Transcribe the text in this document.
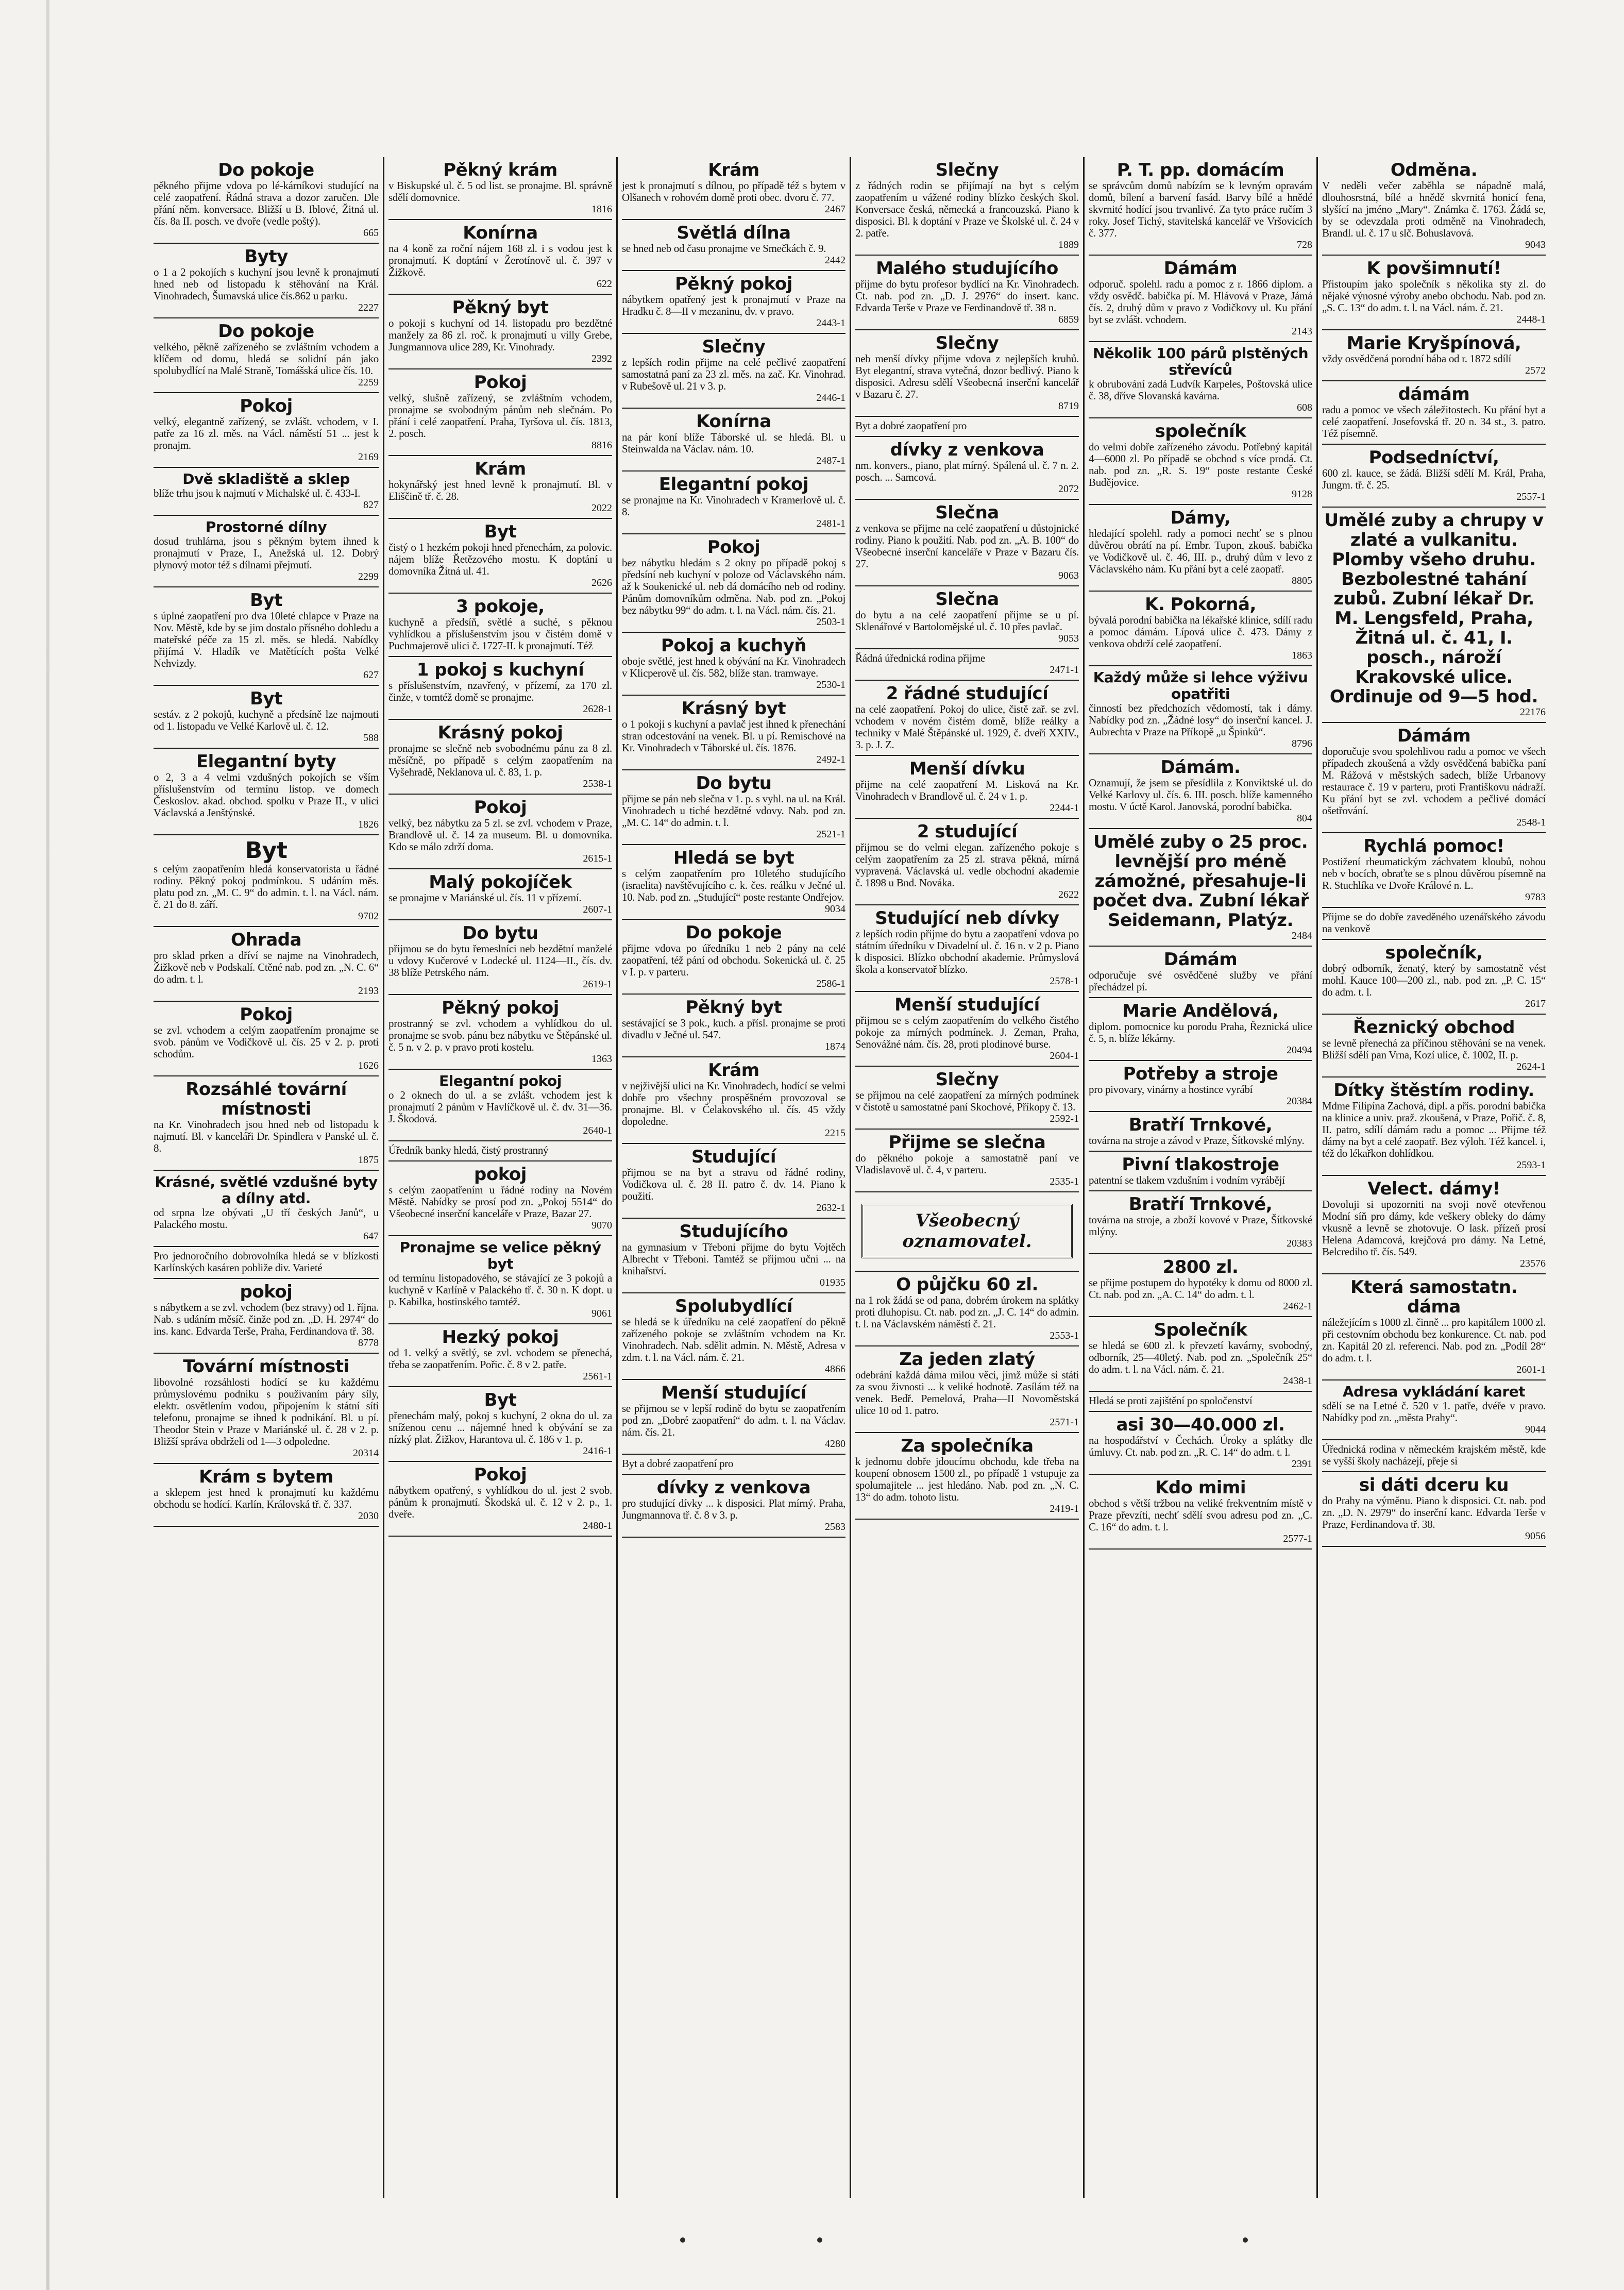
Do pokoje

pěkného přijme vdova po lé-kárníkovi studující na celé zaopatření. Řádná strava a dozor zaručen. Dle přání něm. konversace. Bližší u B. Iblové, Žitná ul. čís. 8a II. posch. ve dvoře (vedle poštý).

665
Byty

o 1 a 2 pokojích s kuchyní jsou levně k pronajmutí hned neb od listopadu k stěhování na Král. Vinohradech, Šumavská ulice čís.862 u parku.

2227
Do pokoje

velkého, pěkně zařízeného se zvláštním vchodem a klíčem od domu, hledá se solidní pán jako spolubydlící na Malé Straně, Tomášská ulice čís. 10.

2259
Pokoj

velký, elegantně zařízený, se zvlášt. vchodem, v I. patře za 16 zl. měs. na Václ. náměstí 51 ... jest k pronajm.

2169
Dvě skladiště a sklep

blíže trhu jsou k najmutí v Michalské ul. č. 433-I.

827
Prostorné dílny

dosud truhlárna, jsou s pěkným bytem ihned k pronajmutí v Praze, I., Anežská ul. 12. Dobrý plynový motor též s dílnami přejmutí.

2299
Byt

s úplné zaopatření pro dva 10leté chlapce v Praze na Nov. Městě, kde by se jim dostalo přísného dohledu a mateřské péče za 15 zl. měs. se hledá. Nabídky přijímá V. Hladík ve Matětících pošta Velké Nehvizdy.

627
Byt

sestáv. z 2 pokojů, kuchyně a předsíně lze najmouti od 1. listopadu ve Velké Karlově ul. č. 12.

588
Elegantní byty

o 2, 3 a 4 velmi vzdušných pokojích se vším příslušenstvím od termínu listop. ve domech Českoslov. akad. obchod. spolku v Praze II., v ulici Václavská a Jenštýnské.

1826
Byt

s celým zaopatřením hledá konservatorista u řádné rodiny. Pěkný pokoj podmínkou. S udáním měs. platu pod zn. „M. C. 9“ do admin. t. l. na Václ. nám. č. 21 do 8. září.

9702
Ohrada

pro sklad prken a dříví se najme na Vinohradech, Žižkově neb v Podskalí. Ctěné nab. pod zn. „N. C. 6“ do adm. t. l.

2193
Pokoj

se zvl. vchodem a celým zaopatřením pronajme se svob. pánům ve Vodičkově ul. čís. 25 v 2. p. proti schodům.

1626
Rozsáhlé tovární místnosti

na Kr. Vinohradech jsou hned neb od listopadu k najmutí. Bl. v kanceláři Dr. Spindlera v Panské ul. č. 8.

1875
Krásné, světlé vzdušné byty a dílny atd.

od srpna lze obývati „U tří českých Janů“, u Palackého mostu.

647

Pro jednoročního dobrovolníka hledá se v blízkosti Karlínských kasáren pobliže div. Varieté

pokoj

s nábytkem a se zvl. vchodem (bez stravy) od 1. října. Nab. s udáním měsíč. činže pod zn. „D. H. 2974“ do ins. kanc. Edvarda Terše, Praha, Ferdinandova tř. 38.

8778
Tovární místnosti

libovolné rozsáhlosti hodící se ku každému průmyslovému podniku s použivaním páry síly, elektr. osvětlením vodou, připojením k státní síti telefonu, pronajme se ihned k podnikání. Bl. u pí. Theodor Stein v Praze v Mariánské ul. č. 28 v 2. p. Bližší správa obdrželi od 1—3 odpoledne.

20314
Krám s bytem

a sklepem jest hned k pronajmutí ku každému obchodu se hodící. Karlín, Královská tř. č. 337.

2030
Pěkný krám

v Biskupské ul. č. 5 od list. se pronajme. Bl. správně sdělí domovnice.

1816
Konírna

na 4 koně za roční nájem 168 zl. i s vodou jest k pronajmutí. K doptání v Žerotínově ul. č. 397 v Žižkově.

622
Pěkný byt

o pokoji s kuchyní od 14. listopadu pro bezdětné manžely za 86 zl. roč. k pronajmutí u villy Grebe, Jungmannova ulice 289, Kr. Vinohrady.

2392
Pokoj

velký, slušně zařízený, se zvláštním vchodem, pronajme se svobodným pánům neb slečnám. Po přání i celé zaopatření. Praha, Tyršova ul. čís. 1813, 2. posch.

8816
Krám

hokynářský jest hned levně k pronajmutí. Bl. v Eliščině tř. č. 28.

2022
Byt

čistý o 1 hezkém pokoji hned přenechám, za polovic. nájem blíže Řetězového mostu. K doptání u domovníka Žitná ul. 41.

2626
3 pokoje,

kuchyně a předsíň, světlé a suché, s pěknou vyhlídkou a příslušenstvím jsou v čistém domě v Puchmajerově ulici č. 1727-II. k pronajmutí. Též

1 pokoj s kuchyní

s příslušenstvím, nzavřený, v přízemí, za 170 zl. činže, v tomtéž domě se pronajme.

2628-1
Krásný pokoj

pronajme se slečně neb svobodnému pánu za 8 zl. měsíčně, po případě s celým zaopatřením na Vyšehradě, Neklanova ul. č. 83, 1. p.

2538-1
Pokoj

velký, bez nábytku za 5 zl. se zvl. vchodem v Praze, Brandlově ul. č. 14 za museum. Bl. u domovníka. Kdo se málo zdrží doma.

2615-1
Malý pokojíček

se pronajme v Mariánské ul. čís. 11 v přízemí.

2607-1
Do bytu

přijmou se do bytu řemeslníci neb bezdětní manželé u vdovy Kučerové v Lodecké ul. 1124—II., čís. dv. 38 blíže Petrského nám.

2619-1
Pěkný pokoj

prostranný se zvl. vchodem a vyhlídkou do ul. pronajme se svob. pánu bez nábytku ve Štěpánské ul. č. 5 n. v 2. p. v pravo proti kostelu.

1363
Elegantní pokoj

o 2 oknech do ul. a se zvlášt. vchodem jest k pronajmutí 2 pánům v Havlíčkově ul. č. dv. 31—36. J. Škodová.

2640-1

Úředník banky hledá, čistý prostranný

pokoj

s celým zaopatřením u řádné rodiny na Novém Městě. Nabídky se prosí pod zn. „Pokoj 5514“ do Všeobecné inserční kanceláře v Praze, Bazar 27.

9070
Pronajme se velice pěkný byt

od termínu listopadového, se stávající ze 3 pokojů a kuchyně v Karlíně v Palackého tř. č. 30 n. K dopt. u p. Kabilka, hostinského tamtéž.

9061
Hezký pokoj

od 1. velký a světlý, se zvl. vchodem se přenechá, třeba se zaopatřením. Pořic. č. 8 v 2. patře.

2561-1
Byt

přenechám malý, pokoj s kuchyní, 2 okna do ul. za sníženou cenu ... nájemné hned k obývání se za nízký plat. Žižkov, Harantova ul. č. 186 v 1. p.

2416-1
Pokoj

nábytkem opatřený, s vyhlídkou do ul. jest 2 svob. pánům k pronajmutí. Škodská ul. č. 12 v 2. p., 1. dveře.

2480-1
Krám

jest k pronajmutí s dílnou, po případě též s bytem v Olšanech v rohovém domě proti obec. dvoru č. 77.

2467
Světlá dílna

se hned neb od času pronajme ve Smečkách č. 9.

2442
Pěkný pokoj

nábytkem opatřený jest k pronajmutí v Praze na Hradku č. 8—II v mezaninu, dv. v pravo.

2443-1
Slečny

z lepších rodin přijme na celé pečlivé zaopatření samostatná paní za 23 zl. měs. na zač. Kr. Vinohrad. v Rubešově ul. 21 v 3. p.

2446-1
Konírna

na pár koní blíže Táborské ul. se hledá. Bl. u Steinwalda na Václav. nám. 10.

2487-1
Elegantní pokoj

se pronajme na Kr. Vinohradech v Kramerlově ul. č. 8.

2481-1
Pokoj

bez nábytku hledám s 2 okny po případě pokoj s předsíní neb kuchyní v poloze od Václavského nám. až k Soukenické ul. neb dá domácího neb od rodiny. Pánům domovníkům odměna. Nab. pod zn. „Pokoj bez nábytku 99“ do adm. t. l. na Václ. nám. čís. 21.

2503-1
Pokoj a kuchyň

oboje světlé, jest hned k obývání na Kr. Vinohradech v Klicperově ul. čís. 582, blíže stan. tramwaye.

2530-1
Krásný byt

o 1 pokoji s kuchyní a pavlač jest ihned k přenechání stran odcestování na venek. Bl. u pí. Remischové na Kr. Vinohradech v Táborské ul. čís. 1876.

2492-1
Do bytu

přijme se pán neb slečna v 1. p. s vyhl. na ul. na Král. Vinohradech u tiché bezdětné vdovy. Nab. pod zn. „M. C. 14“ do admin. t. l.

2521-1
Hledá se byt

s celým zaopatřením pro 10letého studujícího (israelita) navštěvujícího c. k. čes. reálku v Ječné ul. 10. Nab. pod zn. „Studující“ poste restante Ondřejov.

9034
Do pokoje

přijme vdova po úředníku 1 neb 2 pány na celé zaopatření, též pání od obchodu. Sokenická ul. č. 25 v I. p. v parteru.

2586-1
Pěkný byt

sestávající se 3 pok., kuch. a přísl. pronajme se proti divadlu v Ječné ul. 547.

1874
Krám

v nejživější ulici na Kr. Vinohradech, hodící se velmi dobře pro všechny prospěšném provozoval se pronajme. Bl. v Čelakovského ul. čís. 45 vždy dopoledne.

2215
Studující

přijmou se na byt a stravu od řádné rodiny, Vodičkova ul. č. 28 II. patro č. dv. 14. Piano k použití.

2632-1
Studujícího

na gymnasium v Třeboni přijme do bytu Vojtěch Albrecht v Třeboni. Tamtéž se přijmou učni ... na knihařství.

01935
Spolubydlící

se hledá se k úředníku na celé zaopatření do pěkně zařízeného pokoje se zvláštním vchodem na Kr. Vinohradech. Nab. sdělit admin. N. Městě, Adresa v zdm. t. l. na Václ. nám. č. 21.

4866
Menší studující

se přijmou se v lepší rodině do bytu se zaopatřením pod zn. „Dobré zaopatření“ do adm. t. l. na Václav. nám. čís. 21.

4280

Byt a dobré zaopatření pro

dívky z venkova

pro studující dívky ... k disposici. Plat mírný. Praha, Jungmannova tř. č. 8 v 3. p.

2583
Slečny

z řádných rodin se přijímají na byt s celým zaopatřením u vážené rodiny blízko českých škol. Konversace česká, německá a francouzská. Piano k disposici. Bl. k doptání v Praze ve Školské ul. č. 24 v 2. patře.

1889
Malého studujícího

přijme do bytu profesor bydlící na Kr. Vinohradech. Ct. nab. pod zn. „D. J. 2976“ do insert. kanc. Edvarda Terše v Praze ve Ferdinandově tř. 38 n.

6859
Slečny

neb menší dívky přijme vdova z nejlepších kruhů. Byt elegantní, strava vytečná, dozor bedlivý. Piano k disposici. Adresu sdělí Všeobecná inserční kancelář v Bazaru č. 27.

8719

Byt a dobré zaopatření pro

dívky z venkova

nm. konvers., piano, plat mírný. Spálená ul. č. 7 n. 2. posch. ... Samcová.

2072
Slečna

z venkova se přijme na celé zaopatření u důstojnické rodiny. Piano k použití. Nab. pod zn. „A. B. 100“ do Všeobecné inserční kanceláře v Praze v Bazaru čís. 27.

9063
Slečna

do bytu a na celé zaopatření přijme se u pí. Sklenářové v Bartolomějské ul. č. 10 přes pavlač.

9053

Řádná úřednická rodina přijme

2471-1
2 řádné studující

na celé zaopatření. Pokoj do ulice, čistě zař. se zvl. vchodem v novém čistém domě, blíže reálky a techniky v Malé Štěpánské ul. 1929, č. dveří XXIV., 3. p. J. Z.

Menší dívku

přijme na celé zaopatření M. Lisková na Kr. Vinohradech v Brandlově ul. č. 24 v 1. p.

2244-1
2 studující

přijmou se do velmi elegan. zařízeného pokoje s celým zaopatřením za 25 zl. strava pěkná, mírná vypravená. Václavská ul. vedle obchodní akademie č. 1898 u Bnd. Nováka.

2622
Studující neb dívky

z lepších rodin přijme do bytu a zaopatření vdova po státním úředníku v Divadelní ul. č. 16 n. v 2 p. Piano k disposici. Blízko obchodní akademie. Průmyslová škola a konservatoř blízko.

2578-1
Menší studující

přijmou se s celým zaopatřením do velkého čistého pokoje za mírných podmínek. J. Zeman, Praha, Senovážné nám. čís. 28, proti plodinové burse.

2604-1
Slečny

se přijmou na celé zaopatření za mírných podmínek v čistotě u samostatné paní Skochové, Příkopy č. 13.

2592-1
Přijme se slečna

do pěkného pokoje a samostatně paní ve Vladislavově ul. č. 4, v parteru.

2535-1
Všeobecný
oznamovatel.
O půjčku 60 zl.

na 1 rok žádá se od pana, dobrém úrokem na splátky proti dluhopisu. Ct. nab. pod zn. „J. C. 14“ do admin. t. l. na Václavském náměstí č. 21.

2553-1
Za jeden zlatý

odebrání každá dáma milou věci, jimž může si státi za svou živnosti ... k veliké hodnotě. Zasílám též na venek. Bedř. Pemelová, Praha—II Novoměstská ulice 10 od 1. patro.

2571-1
Za společníka

k jednomu dobře jdoucímu obchodu, kde třeba na koupení obnosem 1500 zl., po případě 1 vstupuje za spolumajitele ... jest hledáno. Nab. pod zn. „N. C. 13“ do adm. tohoto listu.

2419-1
P. T. pp. domácím

se správcům domů nabízím se k levným opravám domů, bílení a barvení fasád. Barvy bílé a hnědé skvrnité hodící jsou trvanlivé. Za tyto práce ručím 3 roky. Josef Tichý, stavitelská kancelář ve Vršovicích č. 377.

728
Dámám

odporuč. spolehl. radu a pomoc z r. 1866 diplom. a vždy osvědč. babička pí. M. Hlávová v Praze, Jámá čís. 2, druhý dům v pravo z Vodičkovy ul. Ku přání byt se zvlášt. vchodem.

2143
Několik 100 párů plstěných střevíců

k obrubování zadá Ludvík Karpeles, Poštovská ulice č. 38, dříve Slovanská kavárna.

608
společník

do velmi dobře zařízeného závodu. Potřebný kapitál 4—6000 zl. Po případě se obchod s více prodá. Ct. nab. pod zn. „R. S. 19“ poste restante České Budějovice.

9128
Dámy,

hledající spolehl. rady a pomoci nechť se s plnou důvěrou obrátí na pí. Embr. Tupon, zkouš. babička ve Vodičkově ul. č. 46, III. p., druhý dům v levo z Václavského nám. Ku přání byt a celé zaopatř.

8805
K. Pokorná,

bývalá porodní babička na lékařské klinice, sdílí radu a pomoc dámám. Lípová ulice č. 473. Dámy z venkova obdrží celé zaopatření.

1863
Každý může si lehce výživu opatřiti

činností bez předchozích vědomostí, tak i dámy. Nabídky pod zn. „Žádné losy“ do inserční kancel. J. Aubrechta v Praze na Příkopě „u Špinků“.

8796
Dámám.

Oznamují, že jsem se přesídlila z Konviktské ul. do Velké Karlovy ul. čís. 6. III. posch. blíže kamenného mostu. V úctě Karol. Janovská, porodní babička.

804
Umělé zuby o 25 proc. levnější pro méně zámožné, přesahuje-li počet dva. Zubní lékař Seidemann, Platýz.
2484
Dámám

odporučuje své osvědčené služby ve přání přechádzel pí.

Marie Andělová,

diplom. pomocnice ku porodu Praha, Řeznická ulice č. 5, n. blíže lékárny.

20494
Potřeby a stroje

pro pivovary, vinárny a hostince vyrábí

20384
Bratří Trnkové,

továrna na stroje a závod v Praze, Šítkovské mlýny.

Pivní tlakostroje

patentní se tlakem vzdušním i vodním vyrábějí

Bratří Trnkové,

továrna na stroje, a zboží kovové v Praze, Šítkovské mlýny.

20383
2800 zl.

se přijme postupem do hypotéky k domu od 8000 zl. Ct. nab. pod zn. „A. C. 14“ do adm. t. l.

2462-1
Společník

se hledá se 600 zl. k převzetí kavárny, svobodný, odborník, 25—40letý. Nab. pod zn. „Společník 25“ do adm. t. l. na Václ. nám. č. 21.

2438-1

Hledá se proti zajištění po spoločenství

asi 30—40.000 zl.

na hospodářství v Čechách. Úroky a splátky dle úmluvy. Ct. nab. pod zn. „R. C. 14“ do adm. t. l.

2391
Kdo mimi

obchod s větší tržbou na veliké frekventním místě v Praze převzíti, nechť sdělí svou adresu pod zn. „C. C. 16“ do adm. t. l.

2577-1
Odměna.

V neděli večer zaběhla se nápadně malá, dlouhosrstná, bílé a hnědě skvrnitá honicí fena, slyšící na jméno „Mary“. Známka č. 1763. Žádá se, by se odevzdala proti odměně na Vinohradech, Brandl. ul. č. 17 u slč. Bohuslavová.

9043
K povšimnutí!

Přistoupím jako společník s několika sty zl. do nějaké výnosné výroby anebo obchodu. Nab. pod zn. „S. C. 13“ do adm. t. l. na Václ. nám. č. 21.

2448-1
Marie Kryšpínová,

vždy osvědčená porodní bába od r. 1872 sdílí

2572
dámám

radu a pomoc ve všech záležitostech. Ku přání byt a celé zaopatření. Josefovská tř. 20 n. 34 st., 3. patro. Též písemně.

Podsedníctví,

600 zl. kauce, se žádá. Bližší sdělí M. Král, Praha, Jungm. tř. č. 25.

2557-1
Umělé zuby a chrupy v zlaté a vulkanitu. Plomby všeho druhu. Bezbolestné tahání zubů. Zubní lékař Dr. M. Lengsfeld, Praha, Žitná ul. č. 41, I. posch., nároží Krakovské ulice. Ordinuje od 9—5 hod.
22176
Dámám

doporučuje svou spolehlivou radu a pomoc ve všech případech zkoušená a vždy osvědčená babička paní M. Rážová v městských sadech, blíže Urbanovy restaurace č. 19 v parteru, proti Františkovu nádraží. Ku přání byt se zvl. vchodem a pečlivé domácí ošetřování.

2548-1
Rychlá pomoc!

Postižení rheumatickým záchvatem kloubů, nohou neb v bocích, obraťte se s plnou důvěrou písemně na R. Stuchlíka ve Dvoře Králové n. L.

9783

Přijme se do dobře zaveděného uzenářského závodu na venkově

společník,

dobrý odborník, ženatý, který by samostatně vést mohl. Kauce 100—200 zl., nab. pod zn. „P. C. 15“ do adm. t. l.

2617
Řeznický obchod

se levně přenechá za příčinou stěhování se na venek. Bližší sdělí pan Vrna, Kozí ulice, č. 1002, II. p.

2624-1
Dítky štěstím rodiny.

Mdme Filipína Zachová, dipl. a přís. porodní babička na klinice a univ. praž. zkoušená, v Praze, Pořič. č. 8, II. patro, sdílí dámám radu a pomoc ... Přijme též dámy na byt a celé zaopatř. Bez výloh. Též kancel. i, též do lékařkon dohlídkou.

2593-1
Velect. dámy!

Dovoluji si upozorniti na svoji nově otevřenou Modní síň pro dámy, kde veškery obleky do dámy vkusně a levně se zhotovuje. O lask. přízeň prosí Helena Adamcová, krejčová pro dámy. Na Letné, Belcrediho tř. čís. 549.

23576
Která samostatn. dáma

náležejícím s 1000 zl. činně ... pro kapitálem 1000 zl. při cestovním obchodu bez konkurence. Ct. nab. pod zn. Kapitál 20 zl. referenci. Nab. pod zn. „Podíl 28“ do adm. t. l.

2601-1
Adresa vykládání karet

sdělí se na Letné č. 520 v 1. patře, dvéře v pravo. Nabídky pod zn. „města Prahy“.

9044

Úřednická rodina v německém krajském městě, kde se vyšší školy nacházejí, přeje si

si dáti dceru ku

do Prahy na výměnu. Piano k disposici. Ct. nab. pod zn. „D. N. 2979“ do inserční kanc. Edvarda Terše v Praze, Ferdinandova tř. 38.

9056
